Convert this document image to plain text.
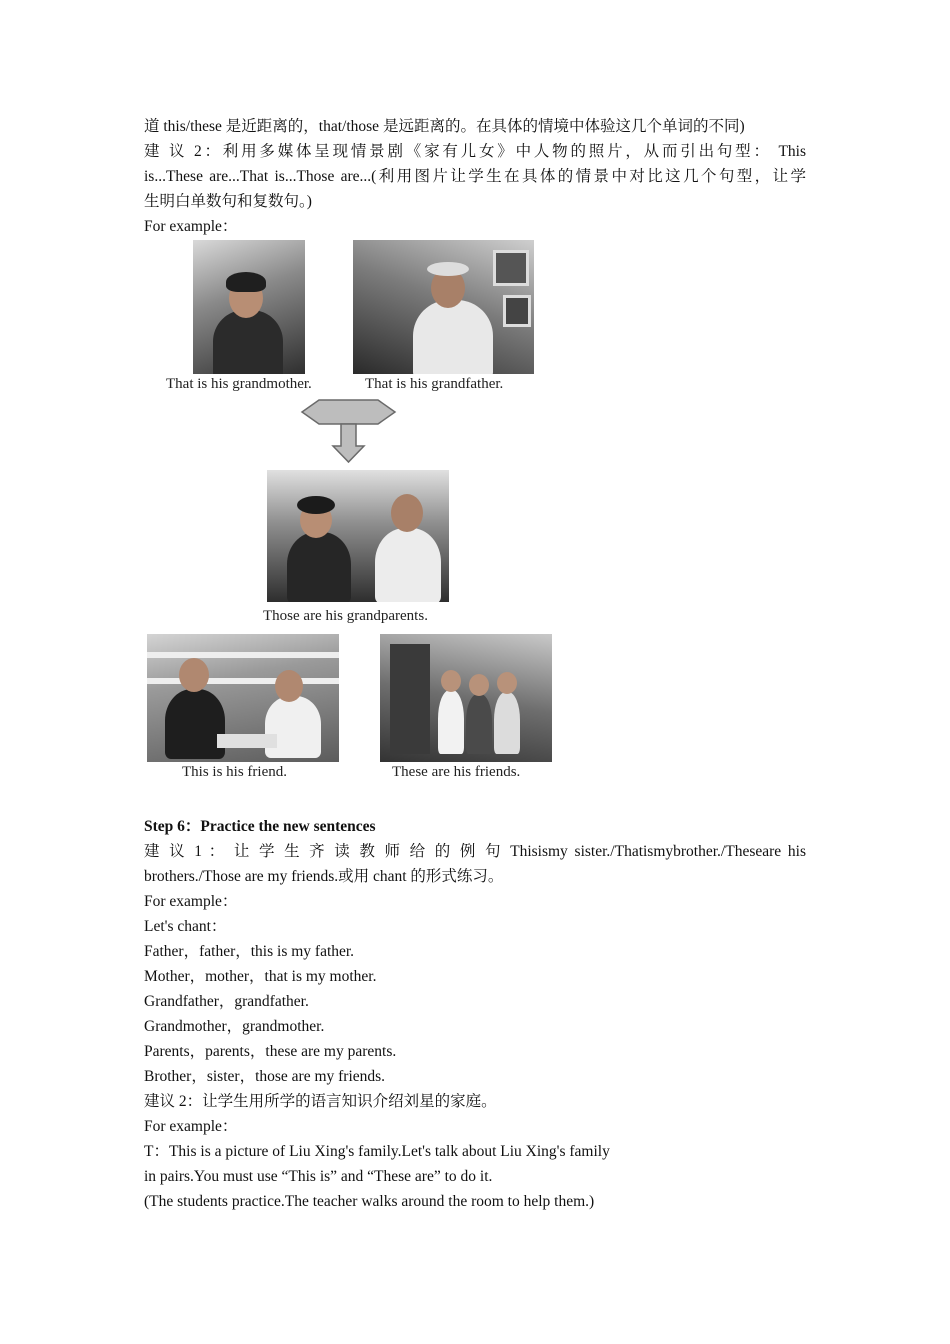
道 this/these 是近距离的，that/those 是远距离的。在具体的情境中体验这几个单词的不同)
建 议 2：利用多媒体呈现情景剧《家有儿女》中人物的照片，从而引出句型： This
is...These are...That is...Those are...(利用图片让学生在具体的情景中对比这几个句型，让学
生明白单数句和复数句。)
For example：
That is his grandmother.	That is his grandfather.
Those are his grandparents.
This is his friend.	These are his friends.
Step 6：Practice the new sentences
建 议 1 ： 让 学 生 齐 读 教 师 给 的 例 句 Thisismy sister./Thatismybrother./Theseare his
brothers./Those are my friends.或用 chant 的形式练习。
For example：
Let's chant：
Father，father，this is my father.
Mother，mother，that is my mother.
Grandfather，grandfather.
Grandmother，grandmother.
Parents，parents，these are my parents.
Brother，sister，those are my friends.
建议 2：让学生用所学的语言知识介绍刘星的家庭。
For example：
T：This is a picture of Liu Xing's family.Let's talk about Liu Xing's family
in pairs.You must use “This is” and “These are” to do it.
(The students practice.The teacher walks around the room to help them.)
